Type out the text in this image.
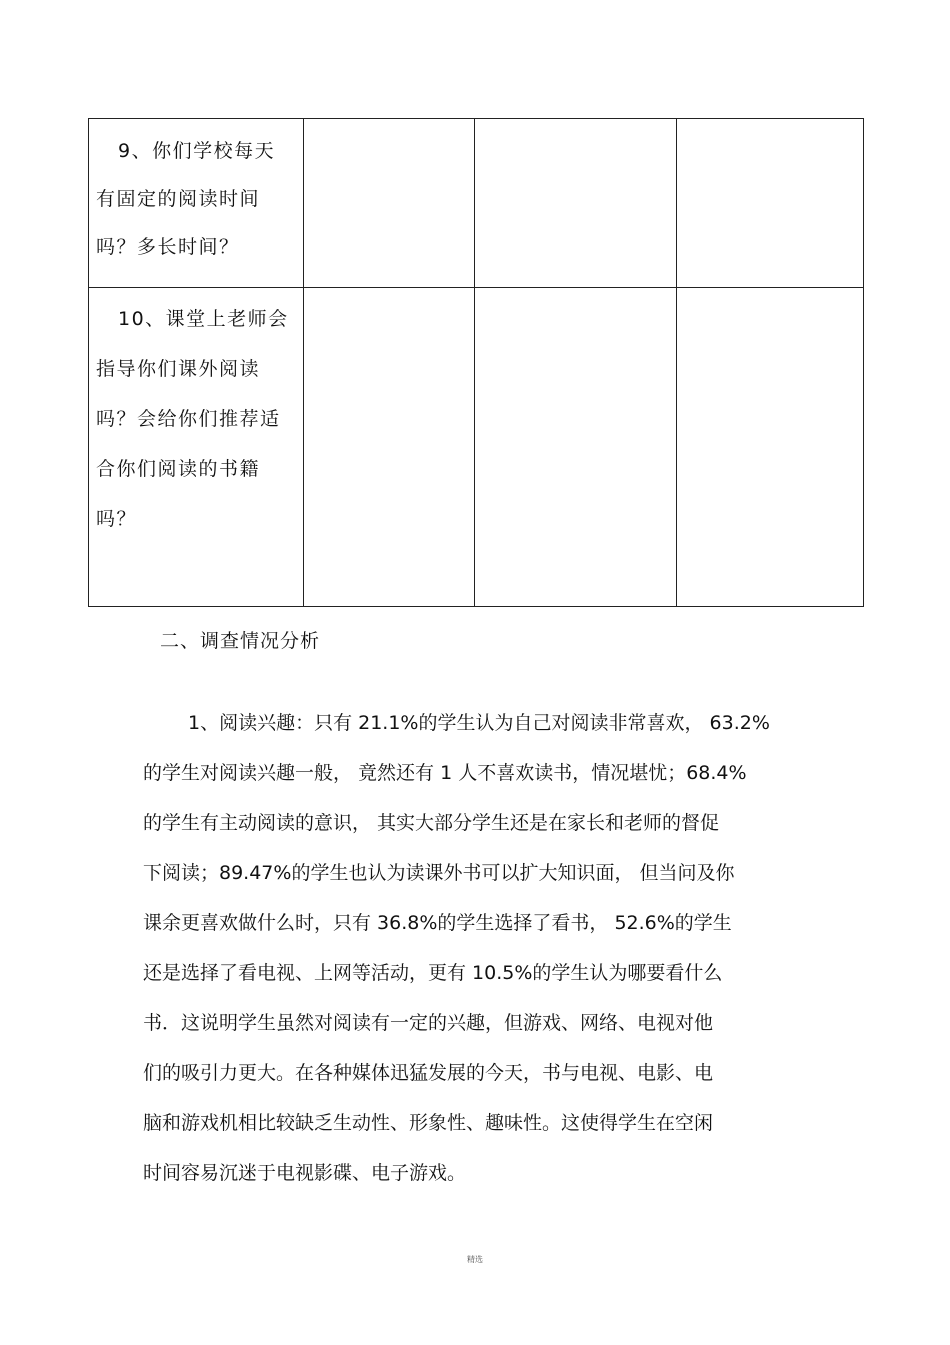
9、你们学校每天有固定的阅读时间吗？多长时间？			

10、课堂上老师会指导你们课外阅读吗？会给你们推荐适合你们阅读的书籍吗？			

二、调查情况分析
1、阅读兴趣：只有 21.1%的学生认为自己对阅读非常喜欢， 63.2%
的学生对阅读兴趣一般， 竟然还有 1 人不喜欢读书，情况堪忧；68.4%
的学生有主动阅读的意识， 其实大部分学生还是在家长和老师的督促
下阅读；89.47%的学生也认为读课外书可以扩大知识面， 但当问及你
课余更喜欢做什么时，只有 36.8%的学生选择了看书， 52.6%的学生
还是选择了看电视、上网等活动，更有 10.5%的学生认为哪要看什么
书．这说明学生虽然对阅读有一定的兴趣，但游戏、网络、电视对他
们的吸引力更大。在各种媒体迅猛发展的今天，书与电视、电影、电
脑和游戏机相比较缺乏生动性、形象性、趣味性。这使得学生在空闲
时间容易沉迷于电视影碟、电子游戏。
精选
